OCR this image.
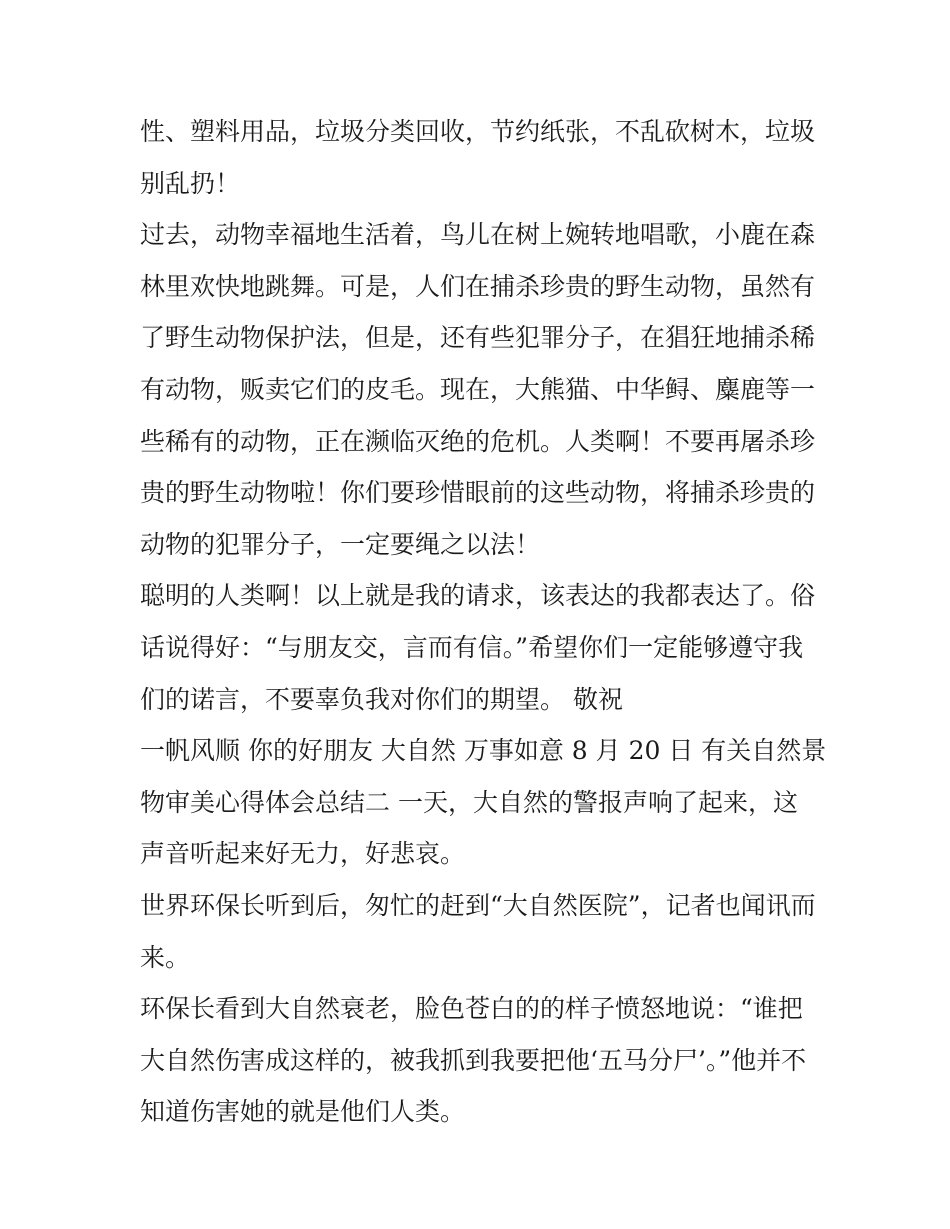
性、塑料用品，垃圾分类回收，节约纸张，不乱砍树木，垃圾

别乱扔！

过去，动物幸福地生活着，鸟儿在树上婉转地唱歌，小鹿在森

林里欢快地跳舞。可是，人们在捕杀珍贵的野生动物，虽然有

了野生动物保护法，但是，还有些犯罪分子，在猖狂地捕杀稀

有动物，贩卖它们的皮毛。现在，大熊猫、中华鲟、麋鹿等一

些稀有的动物，正在濒临灭绝的危机。人类啊！不要再屠杀珍

贵的野生动物啦！你们要珍惜眼前的这些动物，将捕杀珍贵的

动物的犯罪分子，一定要绳之以法！

聪明的人类啊！以上就是我的请求，该表达的我都表达了。俗

话说得好：“与朋友交，言而有信。”希望你们一定能够遵守我

们的诺言，不要辜负我对你们的期望。 敬祝

一帆风顺 你的好朋友 大自然 万事如意 8 月 20 日 有关自然景

物审美心得体会总结二 一天，大自然的警报声响了起来，这

声音听起来好无力，好悲哀。

世界环保长听到后，匆忙的赶到“大自然医院”，记者也闻讯而

来。

环保长看到大自然衰老，脸色苍白的的样子愤怒地说：“谁把

大自然伤害成这样的，被我抓到我要把他‘五马分尸’。”他并不

知道伤害她的就是他们人类。
